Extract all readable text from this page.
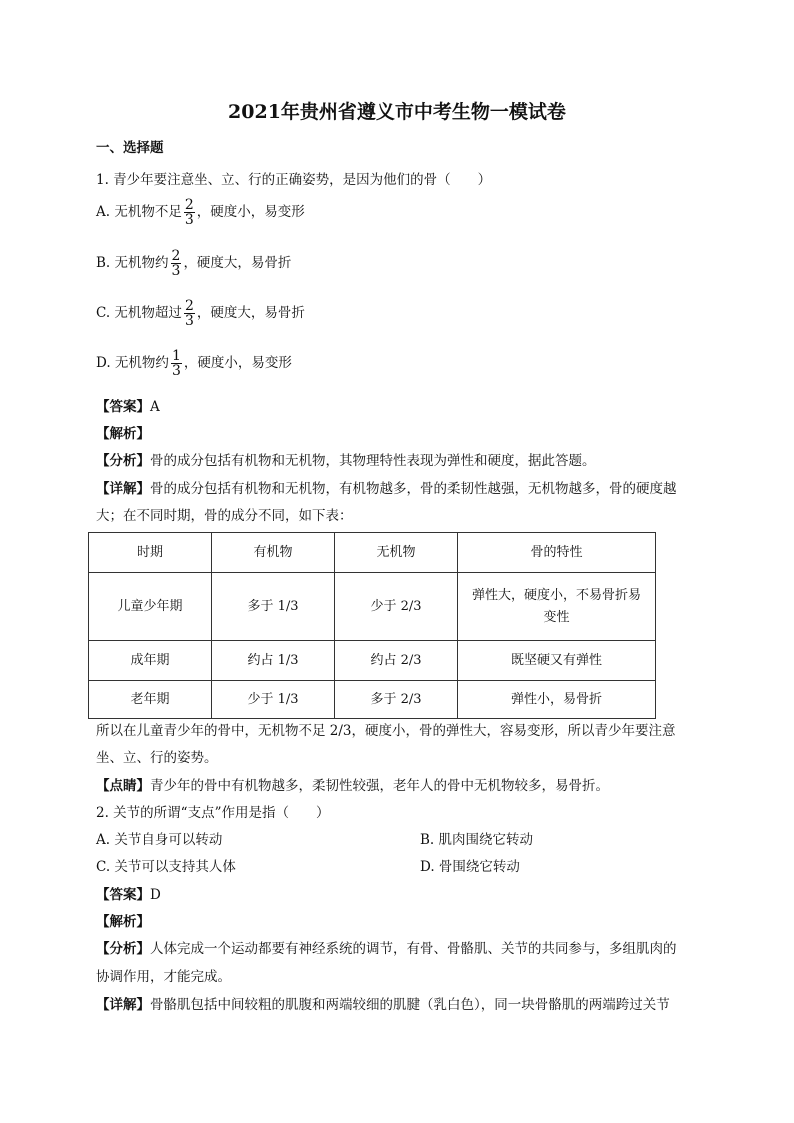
2021年贵州省遵义市中考生物一模试卷
一、选择题
1. 青少年要注意坐、立、行的正确姿势，是因为他们的骨（　　）
A. 无机物不足 $\frac{2}{3}$ ，硬度小，易变形
B. 无机物约 $\frac{2}{3}$ ，硬度大，易骨折
C. 无机物超过 $\frac{2}{3}$ ，硬度大，易骨折
D. 无机物约 $\frac{1}{3}$ ，硬度小，易变形
【答案】A
【解析】
【分析】骨的成分包括有机物和无机物，其物理特性表现为弹性和硬度，据此答题。
【详解】骨的成分包括有机物和无机物，有机物越多，骨的柔韧性越强，无机物越多，骨的硬度越
大；在不同时期，骨的成分不同，如下表：
时期	有机物	无机物	骨的特性
儿童少年期	多于 1/3	少于 2/3	弹性大，硬度小，不易骨折易
变性

成年期	约占 1/3	约占 2/3	既坚硬又有弹性
老年期	少于 1/3	多于 2/3	弹性小，易骨折
所以在儿童青少年的骨中，无机物不足 2/3，硬度小，骨的弹性大，容易变形，所以青少年要注意
坐、立、行的姿势。
【点睛】青少年的骨中有机物越多，柔韧性较强，老年人的骨中无机物较多，易骨折。
2. 关节的所谓“支点”作用是指（　　）
A. 关节自身可以转动	B. 肌肉围绕它转动
C. 关节可以支持其人体	D. 骨围绕它转动
【答案】D
【解析】
【分析】人体完成一个运动都要有神经系统的调节，有骨、骨骼肌、关节的共同参与，多组肌肉的
协调作用，才能完成。
【详解】骨骼肌包括中间较粗的肌腹和两端较细的肌腱（乳白色），同一块骨骼肌的两端跨过关节
